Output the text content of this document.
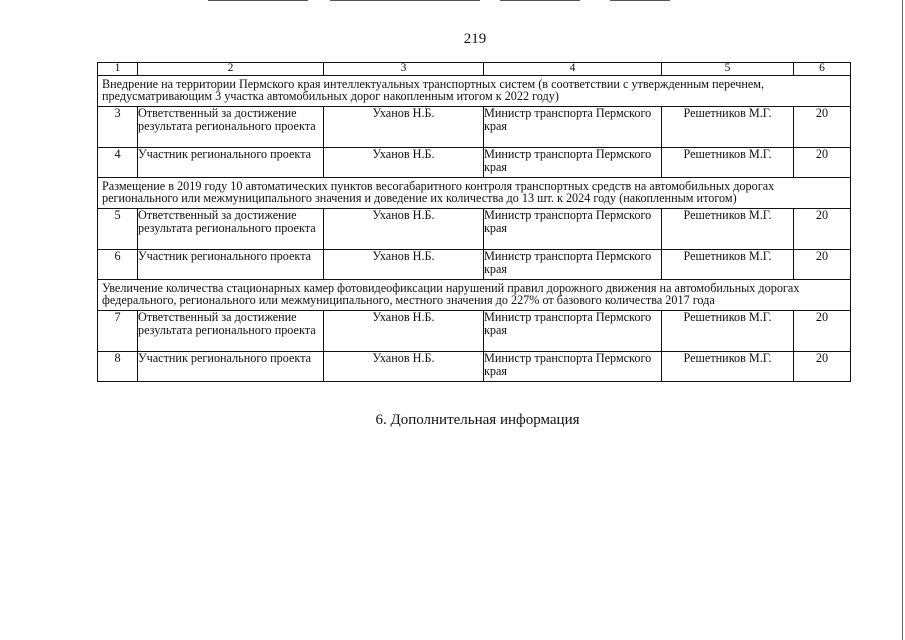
219
1	2	3	4	5	6
Внедрение на территории Пермского края интеллектуальных транспортных систем (в соответствии с утвержденным перечнем, предусматривающим 3 участка автомобильных дорог накопленным итогом к 2022 году)					
3	Ответственный за достижение результата регионального проекта	Уханов Н.Б.	Министр транспорта Пермского края	Решетников М.Г.	20
4	Участник регионального проекта	Уханов Н.Б.	Министр транспорта Пермского края	Решетников М.Г.	20
Размещение в 2019 году 10 автоматических пунктов весогабаритного контроля транспортных средств на автомобильных дорогах регионального или межмуниципального значения и доведение их количества до 13 шт. к 2024 году (накопленным итогом)					
5	Ответственный за достижение результата регионального проекта	Уханов Н.Б.	Министр транспорта Пермского края	Решетников М.Г.	20
6	Участник регионального проекта	Уханов Н.Б.	Министр транспорта Пермского края	Решетников М.Г.	20
Увеличение количества стационарных камер фотовидеофиксации нарушений правил дорожного движения на автомобильных дорогах федерального, регионального или межмуниципального, местного значения до 227% от базового количества 2017 года					
7	Ответственный за достижение результата регионального проекта	Уханов Н.Б.	Министр транспорта Пермского края	Решетников М.Г.	20
8	Участник регионального проекта	Уханов Н.Б.	Министр транспорта Пермского края	Решетников М.Г.	20
6. Дополнительная информация
